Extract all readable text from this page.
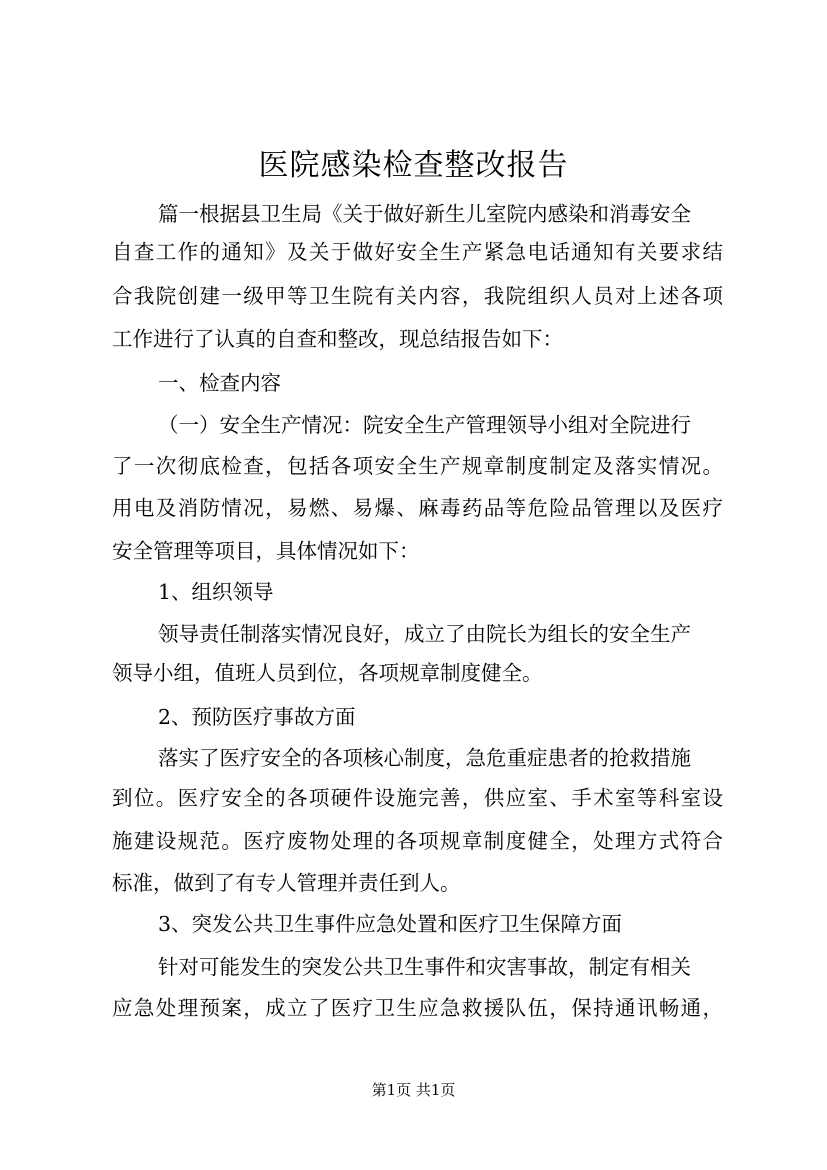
医院感染检查整改报告
篇一根据县卫生局《关于做好新生儿室院内感染和消毒安全
自查工作的通知》及关于做好安全生产紧急电话通知有关要求结
合我院创建一级甲等卫生院有关内容，我院组织人员对上述各项
工作进行了认真的自查和整改，现总结报告如下：
一、检查内容
（一）安全生产情况：院安全生产管理领导小组对全院进行
了一次彻底检查，包括各项安全生产规章制度制定及落实情况。
用电及消防情况，易燃、易爆、麻毒药品等危险品管理以及医疗
安全管理等项目，具体情况如下：
1、组织领导
领导责任制落实情况良好，成立了由院长为组长的安全生产
领导小组，值班人员到位，各项规章制度健全。
2、预防医疗事故方面
落实了医疗安全的各项核心制度，急危重症患者的抢救措施
到位。医疗安全的各项硬件设施完善，供应室、手术室等科室设
施建设规范。医疗废物处理的各项规章制度健全，处理方式符合
标准，做到了有专人管理并责任到人。
3、突发公共卫生事件应急处置和医疗卫生保障方面
针对可能发生的突发公共卫生事件和灾害事故，制定有相关
应急处理预案，成立了医疗卫生应急救援队伍，保持通讯畅通，
第1页 共1页
